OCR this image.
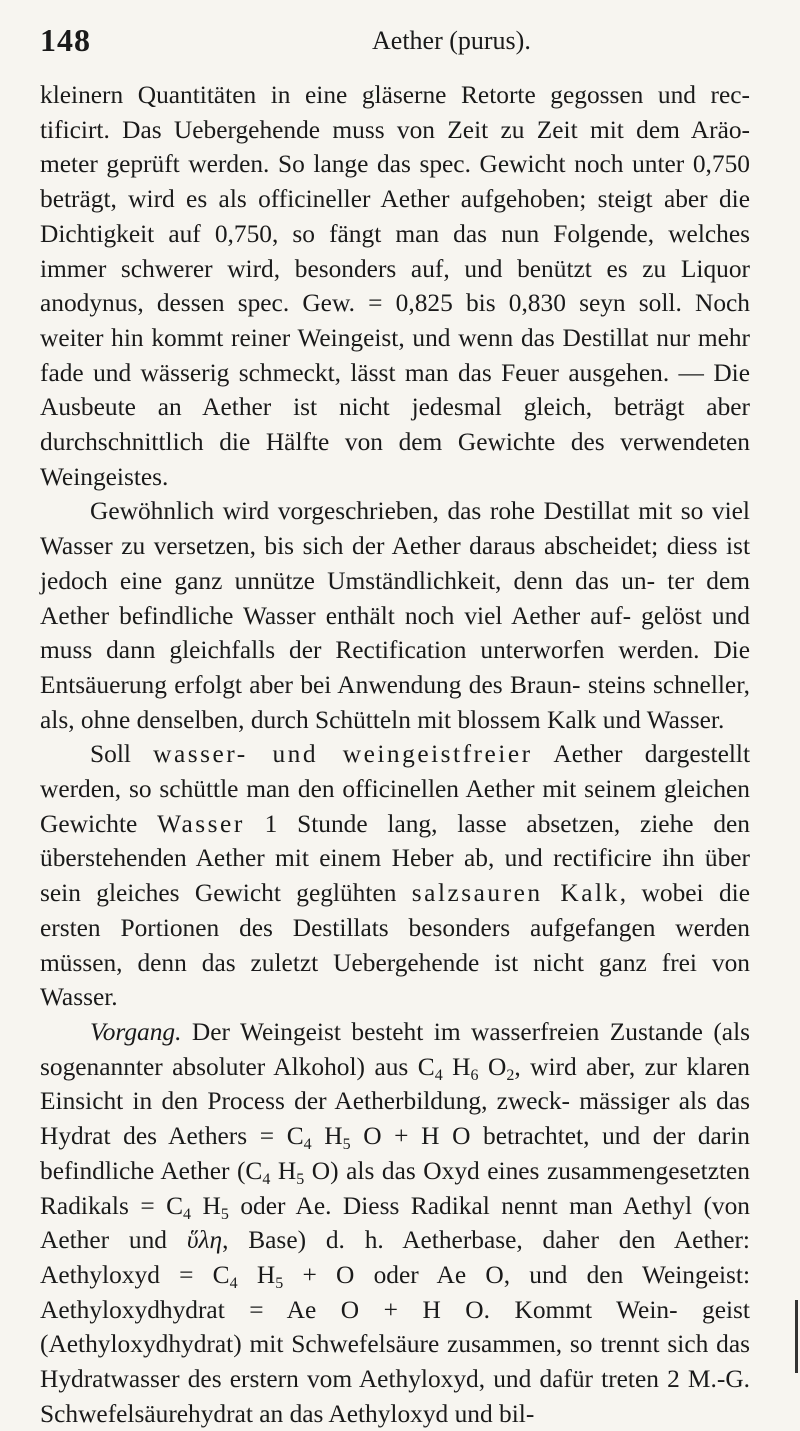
148	Aether (purus).

kleinern Quantitäten in eine gläserne Retorte gegossen und rec- tificirt. Das Uebergehende muss von Zeit zu Zeit mit dem Aräo- meter geprüft werden. So lange das spec. Gewicht noch unter 0,750 beträgt, wird es als officineller Aether aufgehoben; steigt aber die Dichtigkeit auf 0,750, so fängt man das nun Folgende, welches immer schwerer wird, besonders auf, und benützt es zu Liquor anodynus, dessen spec. Gew. = 0,825 bis 0,830 seyn soll. Noch weiter hin kommt reiner Weingeist, und wenn das Destillat nur mehr fade und wässerig schmeckt, lässt man das Feuer ausgehen. — Die Ausbeute an Aether ist nicht jedesmal gleich, beträgt aber durchschnittlich die Hälfte von dem Gewichte des verwendeten Weingeistes.

Gewöhnlich wird vorgeschrieben, das rohe Destillat mit so viel Wasser zu versetzen, bis sich der Aether daraus abscheidet; diess ist jedoch eine ganz unnütze Umständlichkeit, denn das un- ter dem Aether befindliche Wasser enthält noch viel Aether auf- gelöst und muss dann gleichfalls der Rectification unterworfen werden. Die Entsäuerung erfolgt aber bei Anwendung des Braun- steins schneller, als, ohne denselben, durch Schütteln mit blossem Kalk und Wasser.

Soll wasser- und weingeistfreier Aether dargestellt werden, so schüttle man den officinellen Aether mit seinem gleichen Gewichte Wasser 1 Stunde lang, lasse absetzen, ziehe den überstehenden Aether mit einem Heber ab, und rectificire ihn über sein gleiches Gewicht geglühten salzsauren Kalk, wobei die ersten Portionen des Destillats besonders aufgefangen werden müssen, denn das zuletzt Uebergehende ist nicht ganz frei von Wasser.

Vorgang. Der Weingeist besteht im wasserfreien Zustande (als sogenannter absoluter Alkohol) aus $C_4$ $H_6$ $O_2$, wird aber, zur klaren Einsicht in den Process der Aetherbildung, zweck- mässiger als das Hydrat des Aethers = $C_4$ $H_5$ O + H O betrachtet, und der darin befindliche Aether ($C_4$ $H_5$ O) als das Oxyd eines zusammengesetzten Radikals = $C_4$ $H_5$ oder Ae. Diess Radikal nennt man Aethyl (von Aether und ὕλη, Base) d. h. Aetherbase, daher den Aether: Aethyloxyd = $C_4$ $H_5 + O$ oder Ae O, und den Weingeist: Aethyloxydhydrat = Ae O + H O. Kommt Wein- geist (Aethyloxydhydrat) mit Schwefelsäure zusammen, so trennt sich das Hydratwasser des erstern vom Aethyloxyd, und dafür treten 2 M.-G. Schwefelsäurehydrat an das Aethyloxyd und bil-
